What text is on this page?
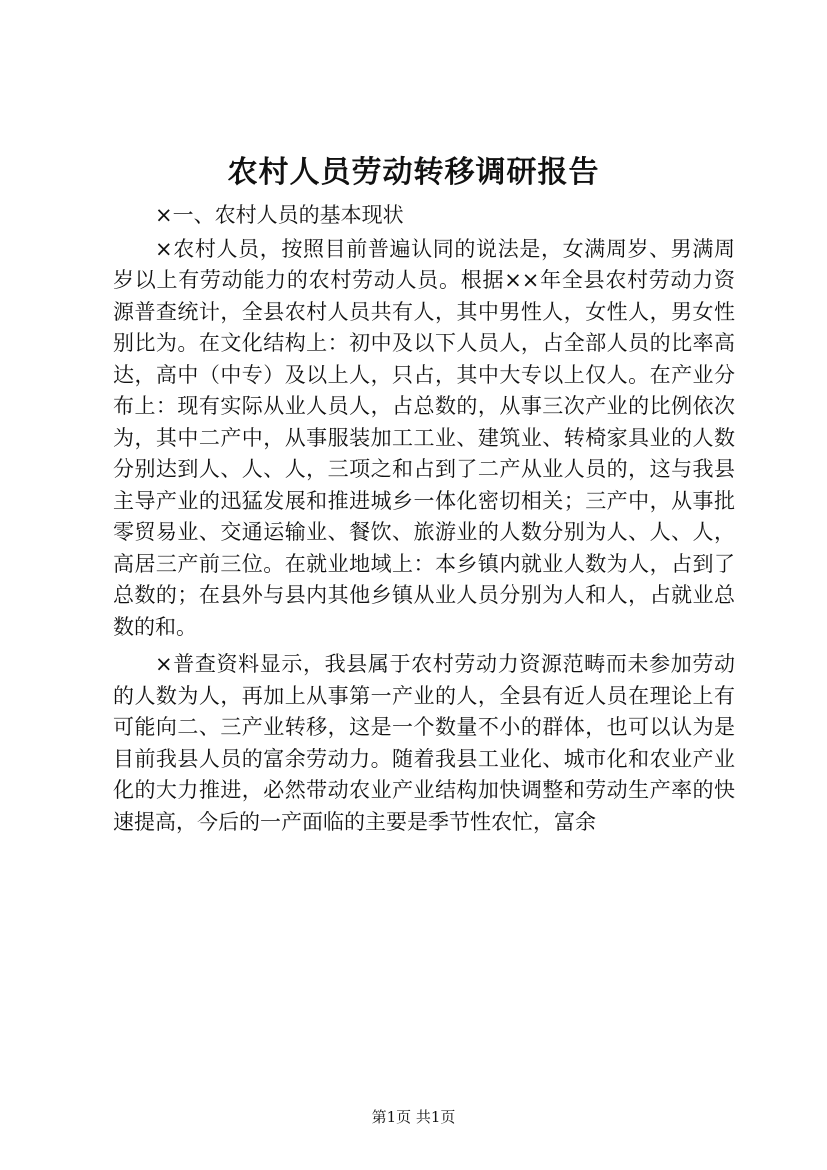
农村人员劳动转移调研报告

×一、农村人员的基本现状

×农村人员，按照目前普遍认同的说法是，女满周岁、男满周岁以上有劳动能力的农村劳动人员。根据××年全县农村劳动力资源普查统计，全县农村人员共有人，其中男性人，女性人，男女性别比为。在文化结构上：初中及以下人员人，占全部人员的比率高达，高中（中专）及以上人，只占，其中大专以上仅人。在产业分布上：现有实际从业人员人，占总数的，从事三次产业的比例依次为，其中二产中，从事服装加工工业、建筑业、转椅家具业的人数分别达到人、人、人，三项之和占到了二产从业人员的，这与我县主导产业的迅猛发展和推进城乡一体化密切相关；三产中，从事批零贸易业、交通运输业、餐饮、旅游业的人数分别为人、人、人，高居三产前三位。在就业地域上：本乡镇内就业人数为人，占到了总数的；在县外与县内其他乡镇从业人员分别为人和人，占就业总数的和。

×普查资料显示，我县属于农村劳动力资源范畴而未参加劳动的人数为人，再加上从事第一产业的人，全县有近人员在理论上有可能向二、三产业转移，这是一个数量不小的群体，也可以认为是目前我县人员的富余劳动力。随着我县工业化、城市化和农业产业化的大力推进，必然带动农业产业结构加快调整和劳动生产率的快速提高，今后的一产面临的主要是季节性农忙，富余

第1页 共1页
